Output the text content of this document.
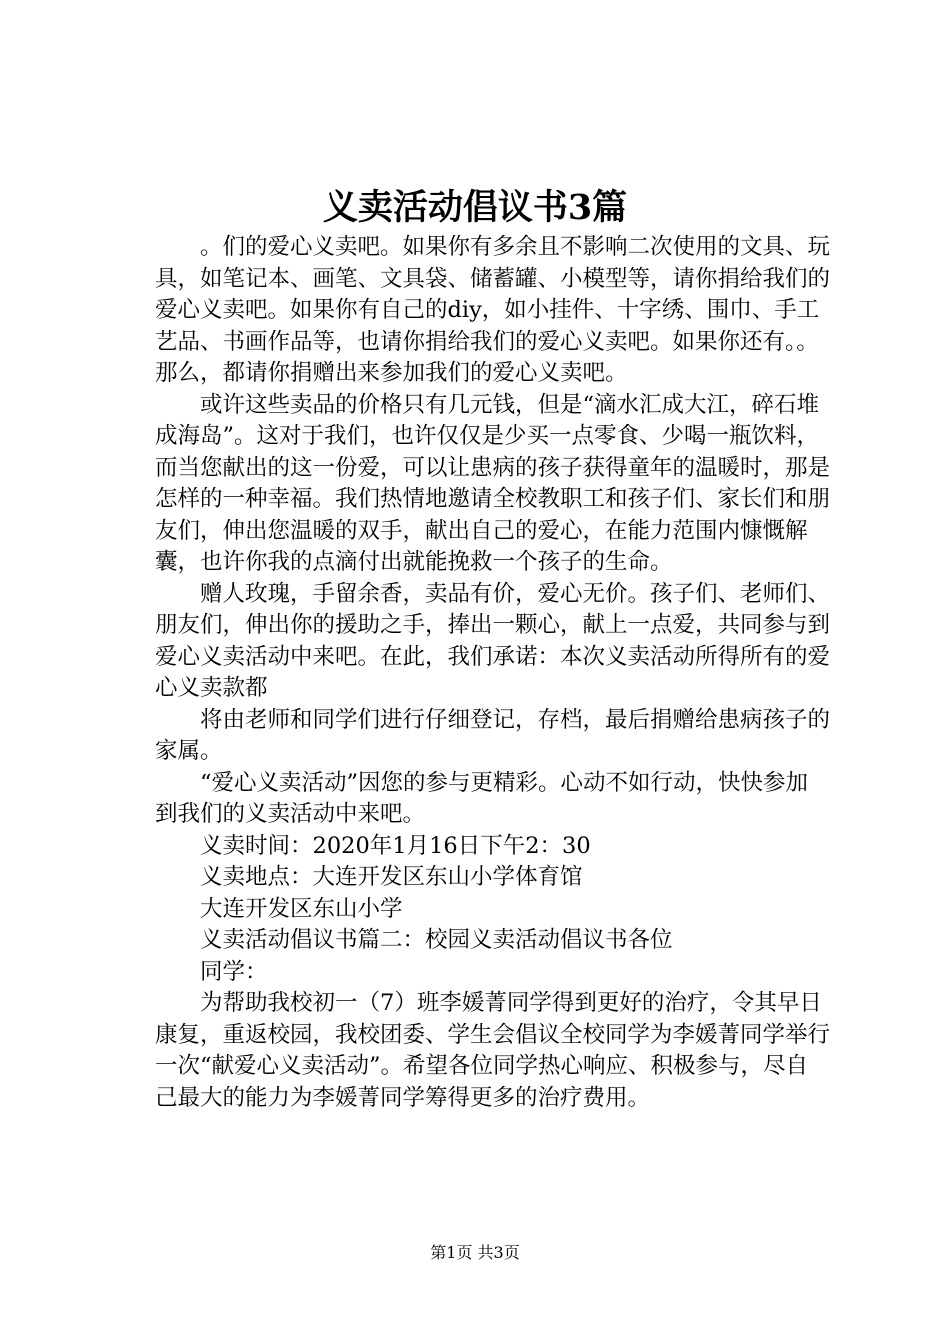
义卖活动倡议书3篇

。们的爱心义卖吧。如果你有多余且不影响二次使用的文具、玩具，如笔记本、画笔、文具袋、储蓄罐、小模型等，请你捐给我们的爱心义卖吧。如果你有自己的diy，如小挂件、十字绣、围巾、手工艺品、书画作品等，也请你捐给我们的爱心义卖吧。如果你还有。。那么，都请你捐赠出来参加我们的爱心义卖吧。

或许这些卖品的价格只有几元钱，但是“滴水汇成大江，碎石堆成海岛”。这对于我们，也许仅仅是少买一点零食、少喝一瓶饮料，而当您献出的这一份爱，可以让患病的孩子获得童年的温暖时，那是怎样的一种幸福。我们热情地邀请全校教职工和孩子们、家长们和朋友们，伸出您温暖的双手，献出自己的爱心，在能力范围内慷慨解囊，也许你我的点滴付出就能挽救一个孩子的生命。

赠人玫瑰，手留余香，卖品有价，爱心无价。孩子们、老师们、朋友们，伸出你的援助之手，捧出一颗心，献上一点爱，共同参与到爱心义卖活动中来吧。在此，我们承诺：本次义卖活动所得所有的爱心义卖款都

将由老师和同学们进行仔细登记，存档，最后捐赠给患病孩子的家属。

“爱心义卖活动”因您的参与更精彩。心动不如行动，快快参加到我们的义卖活动中来吧。

义卖时间：2020年1月16日下午2：30

义卖地点：大连开发区东山小学体育馆

大连开发区东山小学

义卖活动倡议书篇二：校园义卖活动倡议书各位

同学：

为帮助我校初一（7）班李媛菁同学得到更好的治疗，令其早日康复，重返校园，我校团委、学生会倡议全校同学为李媛菁同学举行一次“献爱心义卖活动”。希望各位同学热心响应、积极参与，尽自己最大的能力为李媛菁同学筹得更多的治疗费用。

第1页 共3页
